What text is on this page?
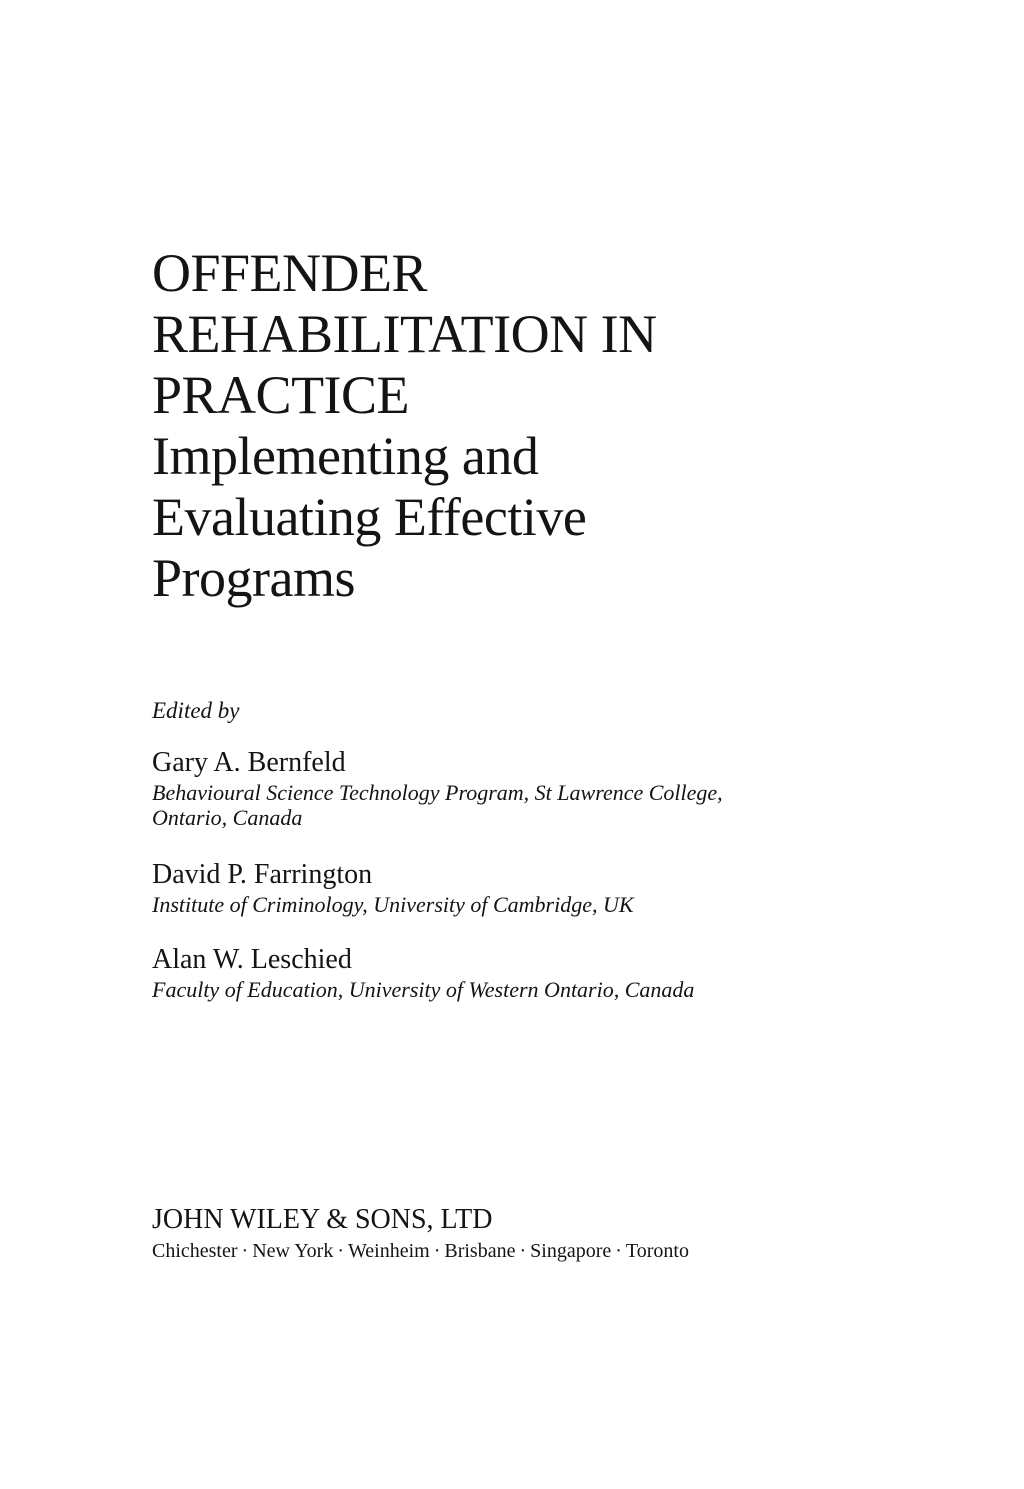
OFFENDER
REHABILITATION IN
PRACTICE
Implementing and
Evaluating Effective
Programs
Edited by
Gary A. Bernfeld
Behavioural Science Technology Program, St Lawrence College,
Ontario, Canada
David P. Farrington
Institute of Criminology, University of Cambridge, UK
Alan W. Leschied
Faculty of Education, University of Western Ontario, Canada
JOHN WILEY & SONS, LTD
Chichester · New York · Weinheim · Brisbane · Singapore · Toronto
